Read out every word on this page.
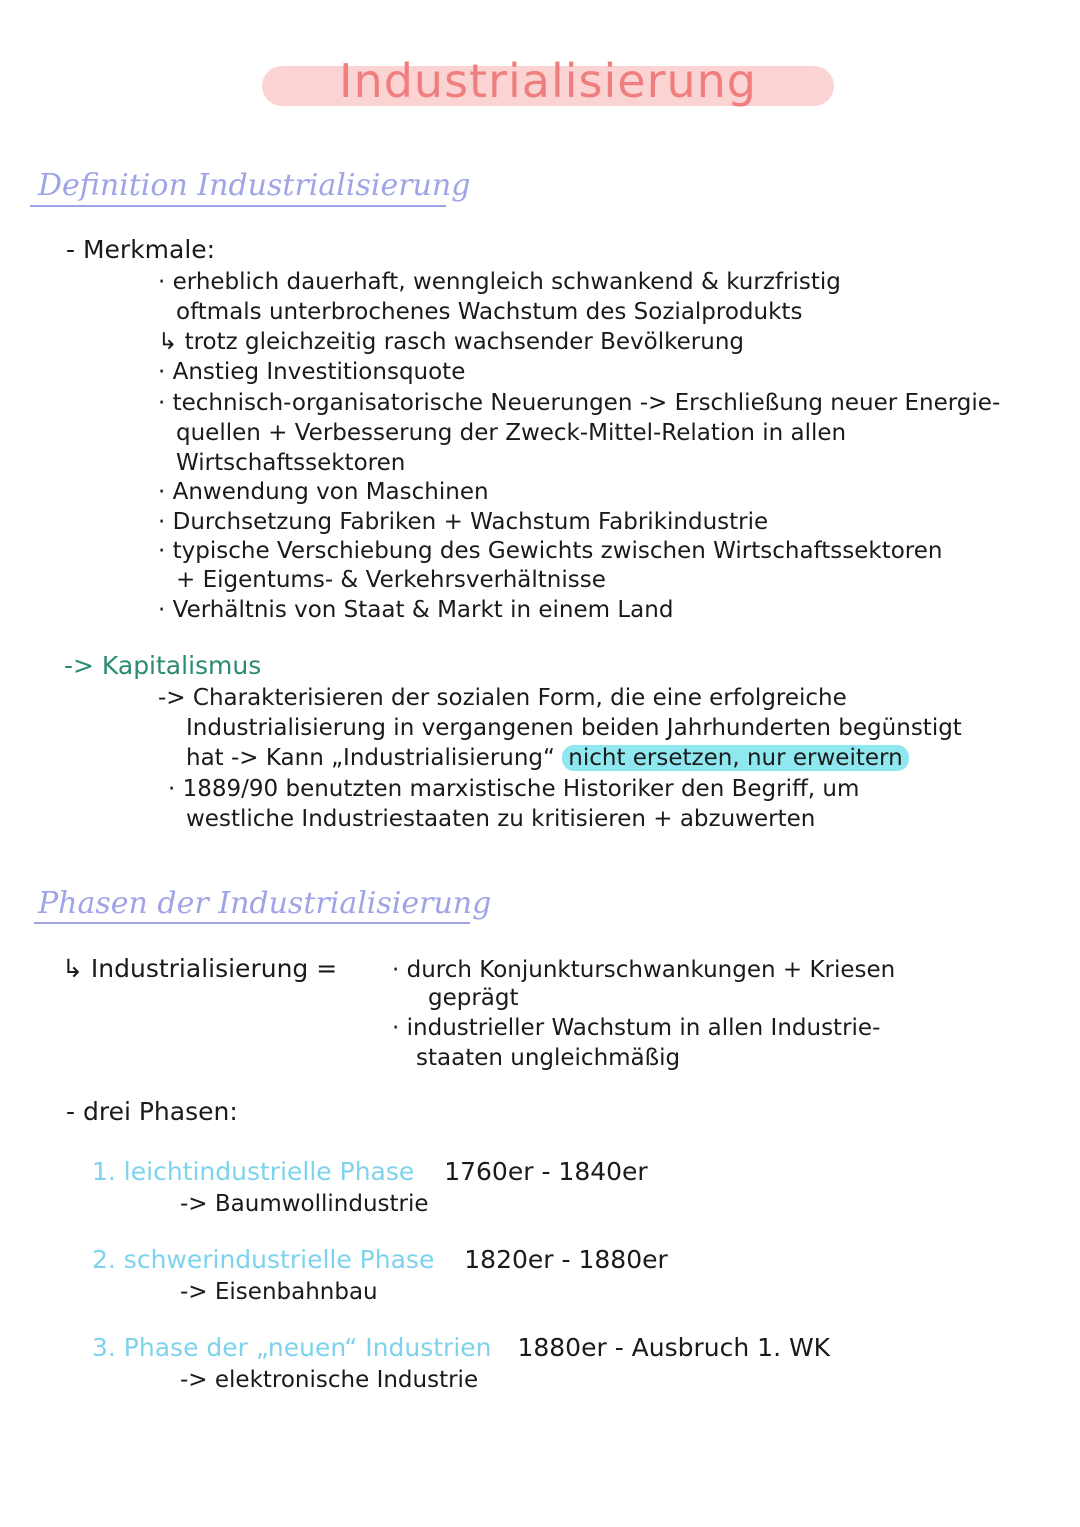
Industrialisierung
Definition Industrialisierung
- Merkmale:
· erheblich dauerhaft, wenngleich schwankend & kurzfristig
oftmals unterbrochenes Wachstum des Sozialprodukts
↳ trotz gleichzeitig rasch wachsender Bevölkerung
· Anstieg Investitionsquote
· technisch-organisatorische Neuerungen -> Erschließung neuer Energie-
quellen + Verbesserung der Zweck-Mittel-Relation in allen
Wirtschaftssektoren
· Anwendung von Maschinen
· Durchsetzung Fabriken + Wachstum Fabrikindustrie
· typische Verschiebung des Gewichts zwischen Wirtschaftssektoren
+ Eigentums- & Verkehrsverhältnisse
· Verhältnis von Staat & Markt in einem Land
-> Kapitalismus
-> Charakterisieren der sozialen Form, die eine erfolgreiche
Industrialisierung in vergangenen beiden Jahrhunderten begünstigt
hat -> Kann „Industrialisierung“ nicht ersetzen, nur erweitern
· 1889/90 benutzten marxistische Historiker den Begriff, um
westliche Industriestaaten zu kritisieren + abzuwerten
Phasen der Industrialisierung
↳ Industrialisierung = · durch Konjunkturschwankungen + Kriesen
geprägt
· industrieller Wachstum in allen Industrie-
staaten ungleichmäßig
- drei Phasen:
1. leichtindustrielle Phase 1760er - 1840er
-> Baumwollindustrie
2. schwerindustrielle Phase 1820er - 1880er
-> Eisenbahnbau
3. Phase der „neuen“ Industrien 1880er - Ausbruch 1. WK
-> elektronische Industrie
